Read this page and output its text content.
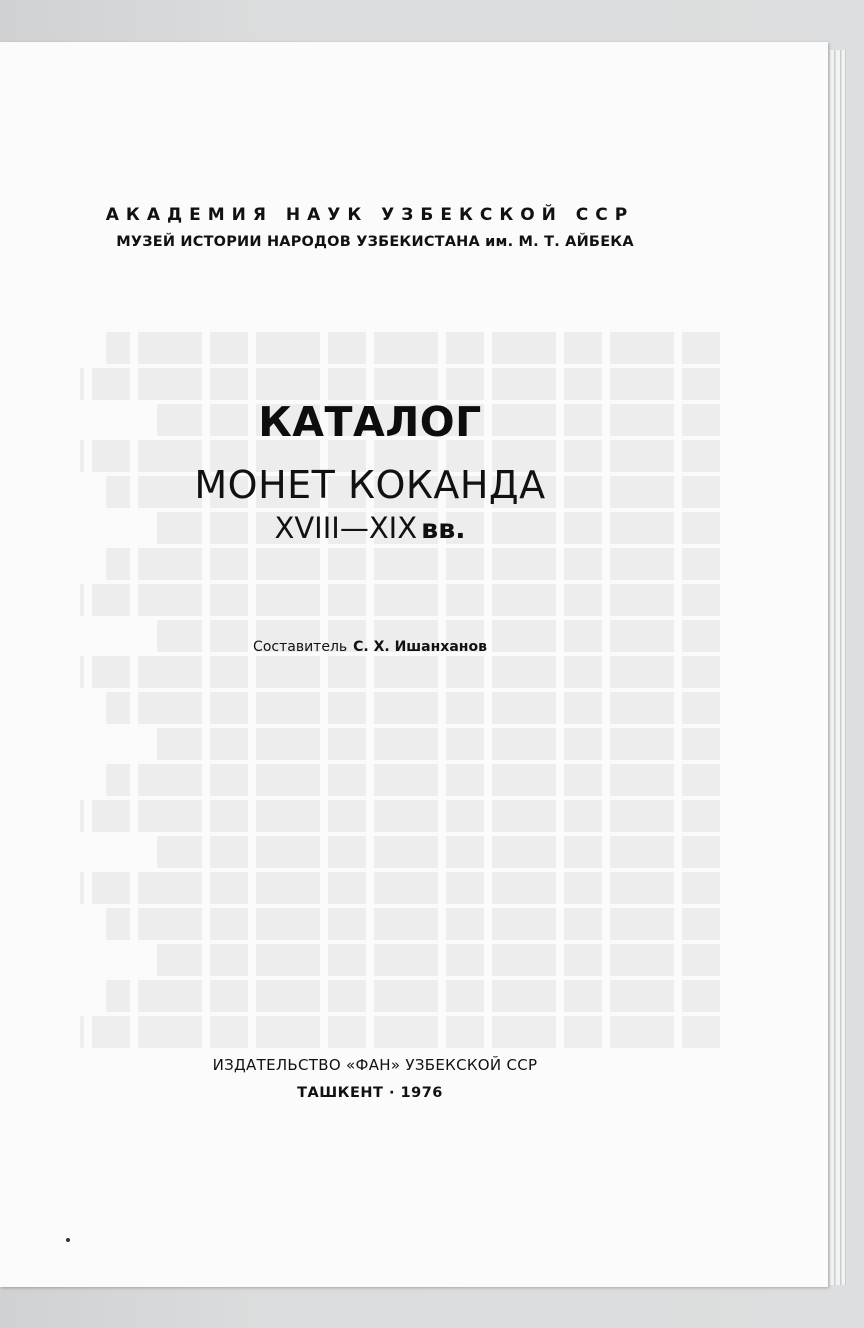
АКАДЕМИЯ НАУК УЗБЕКСКОЙ ССР
МУЗЕЙ ИСТОРИИ НАРОДОВ УЗБЕКИСТАНА им. М. Т. АЙБЕКА
КАТАЛОГ
МОНЕТ КОКАНДА
XVIII—XIX вв.
Составитель С. Х. Ишанханов
ИЗДАТЕЛЬСТВО «ФАН» УЗБЕКСКОЙ ССР
ТАШКЕНТ · 1976
